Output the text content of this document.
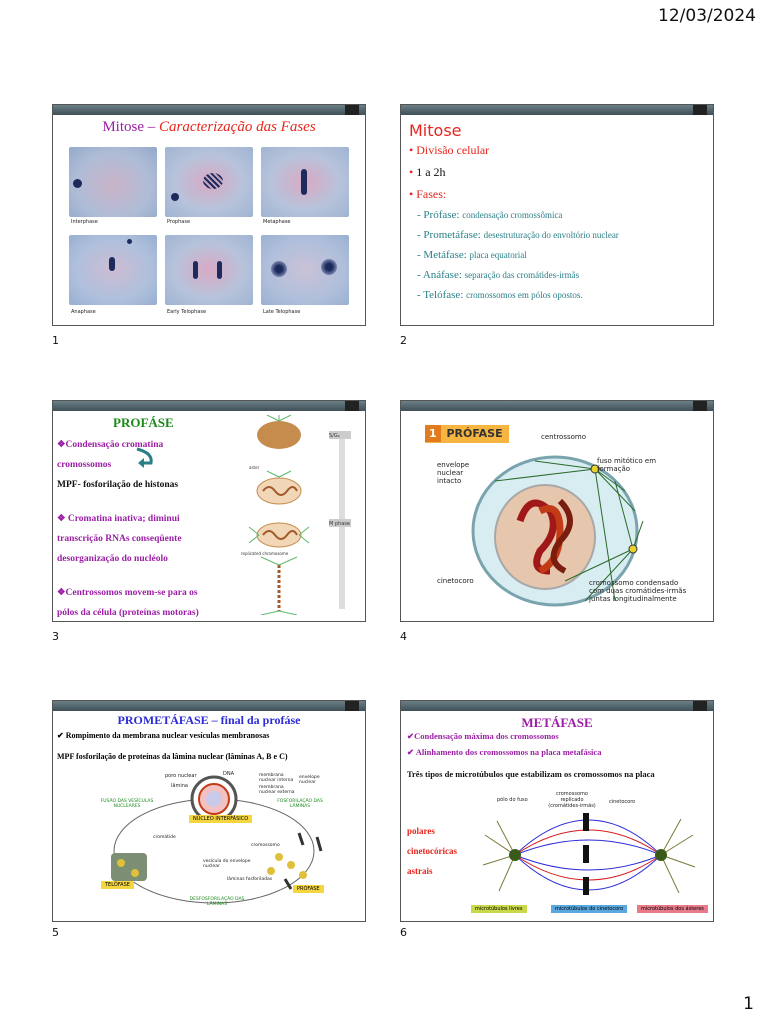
12/03/2024
Mitose – Caracterização das Fases
Interphase	Prophase	Metaphase
Anaphase	Early Telophase	Late Telophase
1
Mitose
• Divisão celular
• 1 a 2h
• Fases:
‐ Prófase: condensação cromossômica
‐ Prometáfase: desestruturação do envoltório nuclear
‐ Metáfase: placa equatorial
‐ Anáfase: separação das cromátides-irmãs
‐ Telófase: cromossomos em pólos opostos.
2
PROFÁSE
❖Condensação cromatina
cromossomos
MPF- fosforilação de histonas
❖ Cromatina inativa; diminui
transcrição RNAs conseqüente
desorganização do nucléolo
❖Centrossomos movem-se para os
pólos da célula (proteínas motoras)
S/G₂
M phase
aster
replicated chromosome
3
1 PRÓFASE	centrossomo
envelope nuclear intacto
fuso mitótico em formação
cinetocoro	cromossomo condensado com duas cromátides-irmãs juntas longitudinalmente
4
PROMETÁFASE – final da profáse
✔ Rompimento da membrana nuclear vesículas membranosas
MPF fosforilação de proteínas da lâmina nuclear (lâminas A, B e C)
poro nuclear	DNA
lâmina
membrana nuclear interna
membrana nuclear externa
envelope nuclear
FUSÃO DAS VESÍCULAS NUCLEARES
FOSFORILAÇÃO DAS LÂMINAS
NÚCLEO INTERFÁSICO
cromátide
cromossomo
vesícula do envelope nuclear
lâminas fosforiladas
TELÓFASE
PRÓFASE
DESFOSFORILAÇÃO DAS LÂMINAS
5
METÁFASE
✔Condensação máxima dos cromossomos
✔ Alinhamento dos cromossomos na placa metafásica
Três tipos de microtúbulos que estabilizam os cromossomos na placa
polares
cinetocóricas
astrais
pólo do fuso
cromossomo replicado (cromátides-irmãs)
cinetocoro
microtúbulos livres	microtúbulos do cinetocoro	microtúbulos dos ásteres
6
1
